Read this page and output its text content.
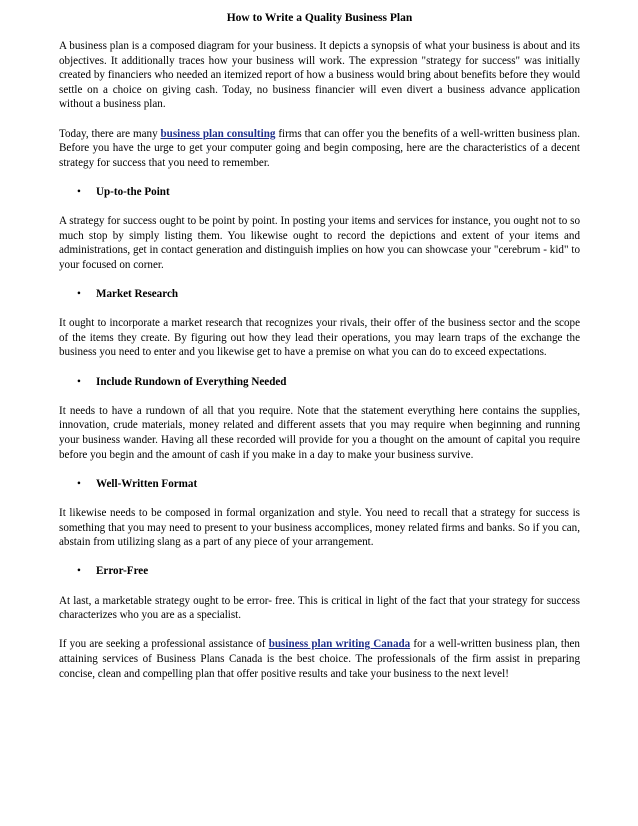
How to Write a Quality Business Plan

A business plan is a composed diagram for your business. It depicts a synopsis of what your business is about and its objectives. It additionally traces how your business will work. The expression "strategy for success" was initially created by financiers who needed an itemized report of how a business would bring about benefits before they would settle on a choice on giving cash. Today, no business financier will even divert a business advance application without a business plan.

Today, there are many business plan consulting firms that can offer you the benefits of a well-written business plan. Before you have the urge to get your computer going and begin composing, here are the characteristics of a decent strategy for success that you need to remember.

• Up-to-the Point

A strategy for success ought to be point by point. In posting your items and services for instance, you ought not to so much stop by simply listing them. You likewise ought to record the depictions and extent of your items and administrations, get in contact generation and distinguish implies on how you can showcase your "cerebrum - kid" to your focused on corner.

• Market Research

It ought to incorporate a market research that recognizes your rivals, their offer of the business sector and the scope of the items they create. By figuring out how they lead their operations, you may learn traps of the exchange the business you need to enter and you likewise get to have a premise on what you can do to exceed expectations.

• Include Rundown of Everything Needed

It needs to have a rundown of all that you require. Note that the statement everything here contains the supplies, innovation, crude materials, money related and different assets that you may require when beginning and running your business wander. Having all these recorded will provide for you a thought on the amount of capital you require before you begin and the amount of cash if you make in a day to make your business survive.

• Well-Written Format

It likewise needs to be composed in formal organization and style. You need to recall that a strategy for success is something that you may need to present to your business accomplices, money related firms and banks. So if you can, abstain from utilizing slang as a part of any piece of your arrangement.

• Error-Free

At last, a marketable strategy ought to be error- free. This is critical in light of the fact that your strategy for success characterizes who you are as a specialist.

If you are seeking a professional assistance of business plan writing Canada for a well-written business plan, then attaining services of Business Plans Canada is the best choice. The professionals of the firm assist in preparing concise, clean and compelling plan that offer positive results and take your business to the next level!
